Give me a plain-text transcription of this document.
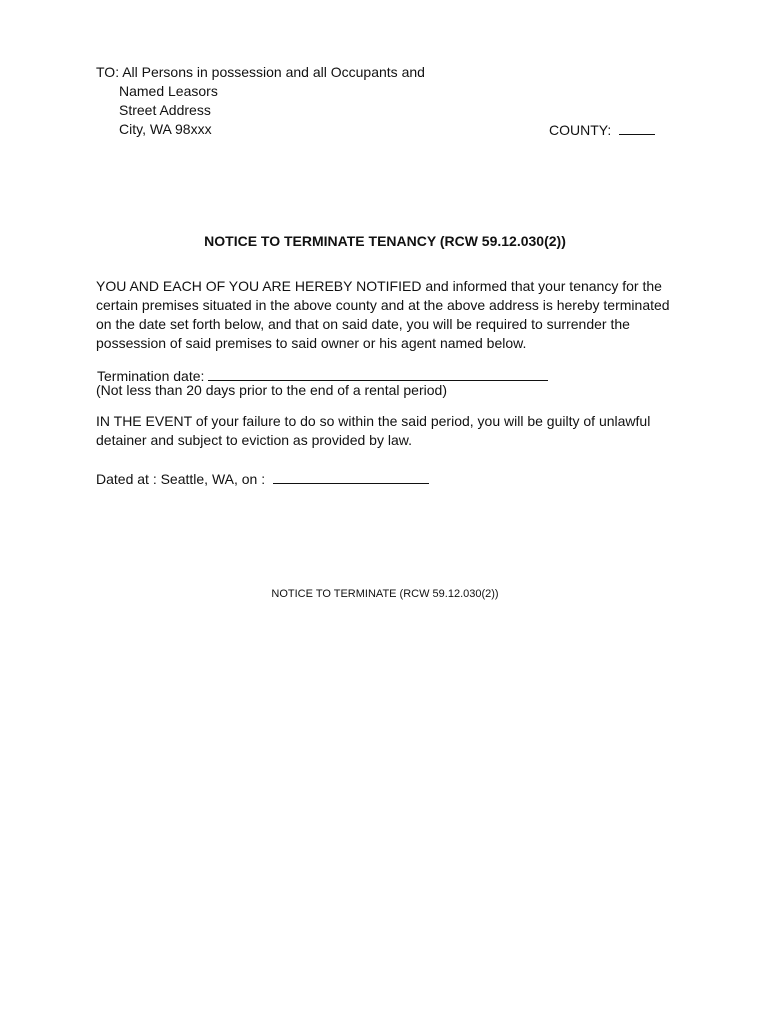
TO: All Persons in possession and all Occupants and
Named Leasors
Street Address
City, WA 98xxx	COUNTY:
NOTICE TO TERMINATE TENANCY (RCW 59.12.030(2))
YOU AND EACH OF YOU ARE HEREBY NOTIFIED and informed that your tenancy for the certain premises situated in the above county and at the above address is hereby terminated on the date set forth below, and that on said date, you will be required to surrender the possession of said premises to said owner or his agent named below.
Termination date:
(Not less than 20 days prior to the end of a rental period)
IN THE EVENT of your failure to do so within the said period, you will be guilty of unlawful detainer and subject to eviction as provided by law.
Dated at : Seattle, WA, on :
NOTICE TO TERMINATE (RCW 59.12.030(2))
